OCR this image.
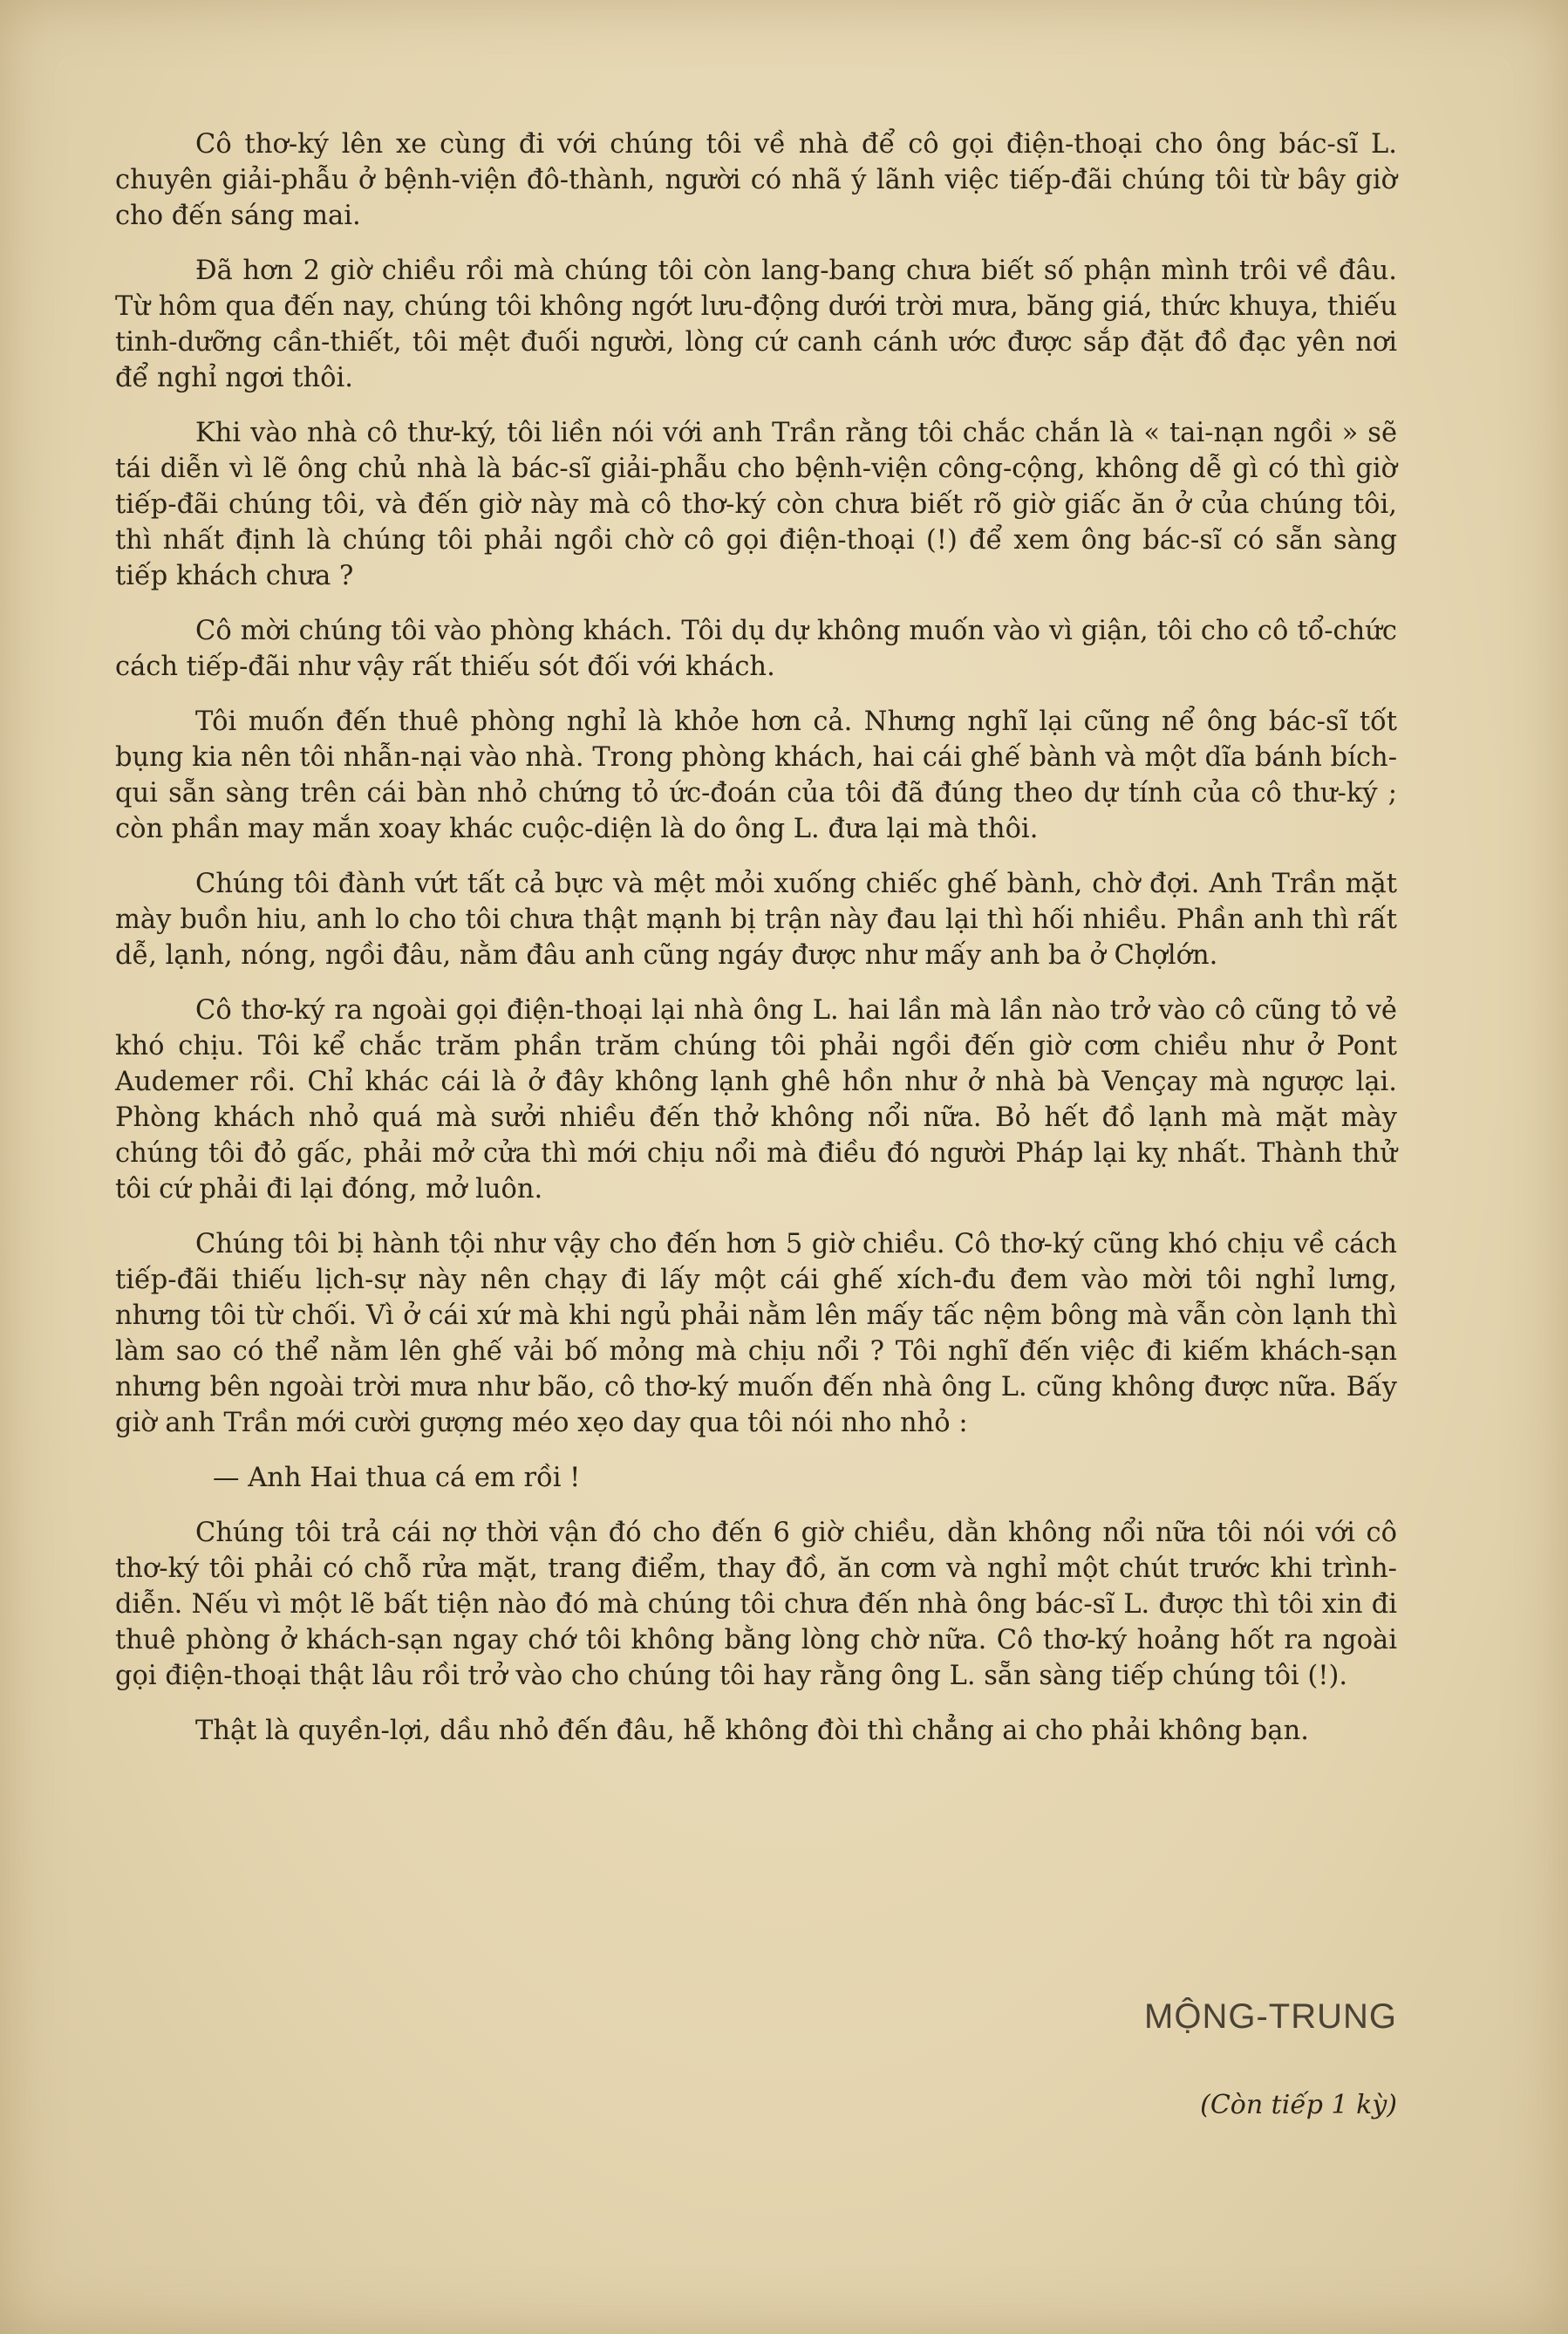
Cô thơ-ký lên xe cùng đi với chúng tôi về nhà để cô gọi điện-thoại cho ông bác-sĩ L. chuyên giải-phẫu ở bệnh-viện đô-thành, người có nhã ý lãnh việc tiếp-đãi chúng tôi từ bây giờ cho đến sáng mai.

Đã hơn 2 giờ chiều rồi mà chúng tôi còn lang-bang chưa biết số phận mình trôi về đâu. Từ hôm qua đến nay, chúng tôi không ngớt lưu-động dưới trời mưa, băng giá, thức khuya, thiếu tinh-dưỡng cần-thiết, tôi mệt đuối người, lòng cứ canh cánh ước được sắp đặt đồ đạc yên nơi để nghỉ ngơi thôi.

Khi vào nhà cô thư-ký, tôi liền nói với anh Trần rằng tôi chắc chắn là « tai-nạn ngồi » sẽ tái diễn vì lẽ ông chủ nhà là bác-sĩ giải-phẫu cho bệnh-viện công-cộng, không dễ gì có thì giờ tiếp-đãi chúng tôi, và đến giờ này mà cô thơ-ký còn chưa biết rõ giờ giấc ăn ở của chúng tôi, thì nhất định là chúng tôi phải ngồi chờ cô gọi điện-thoại (!) để xem ông bác-sĩ có sẵn sàng tiếp khách chưa ?

Cô mời chúng tôi vào phòng khách. Tôi dụ dự không muốn vào vì giận, tôi cho cô tổ-chức cách tiếp-đãi như vậy rất thiếu sót đối với khách.

Tôi muốn đến thuê phòng nghỉ là khỏe hơn cả. Nhưng nghĩ lại cũng nể ông bác-sĩ tốt bụng kia nên tôi nhẫn-nại vào nhà. Trong phòng khách, hai cái ghế bành và một dĩa bánh bích-qui sẵn sàng trên cái bàn nhỏ chứng tỏ ức-đoán của tôi đã đúng theo dự tính của cô thư-ký ; còn phần may mắn xoay khác cuộc-diện là do ông L. đưa lại mà thôi.

Chúng tôi đành vứt tất cả bực và mệt mỏi xuống chiếc ghế bành, chờ đợi. Anh Trần mặt mày buồn hiu, anh lo cho tôi chưa thật mạnh bị trận này đau lại thì hối nhiều. Phần anh thì rất dễ, lạnh, nóng, ngồi đâu, nằm đâu anh cũng ngáy được như mấy anh ba ở Chợlớn.

Cô thơ-ký ra ngoài gọi điện-thoại lại nhà ông L. hai lần mà lần nào trở vào cô cũng tỏ vẻ khó chịu. Tôi kể chắc trăm phần trăm chúng tôi phải ngồi đến giờ cơm chiều như ở Pont Audemer rồi. Chỉ khác cái là ở đây không lạnh ghê hồn như ở nhà bà Vençay mà ngược lại. Phòng khách nhỏ quá mà sưởi nhiều đến thở không nổi nữa. Bỏ hết đồ lạnh mà mặt mày chúng tôi đỏ gấc, phải mở cửa thì mới chịu nổi mà điều đó người Pháp lại kỵ nhất. Thành thử tôi cứ phải đi lại đóng, mở luôn.

Chúng tôi bị hành tội như vậy cho đến hơn 5 giờ chiều. Cô thơ-ký cũng khó chịu về cách tiếp-đãi thiếu lịch-sự này nên chạy đi lấy một cái ghế xích-đu đem vào mời tôi nghỉ lưng, nhưng tôi từ chối. Vì ở cái xứ mà khi ngủ phải nằm lên mấy tấc nệm bông mà vẫn còn lạnh thì làm sao có thể nằm lên ghế vải bố mỏng mà chịu nổi ? Tôi nghĩ đến việc đi kiếm khách-sạn nhưng bên ngoài trời mưa như bão, cô thơ-ký muốn đến nhà ông L. cũng không được nữa. Bấy giờ anh Trần mới cười gượng méo xẹo day qua tôi nói nho nhỏ :

— Anh Hai thua cá em rồi !

Chúng tôi trả cái nợ thời vận đó cho đến 6 giờ chiều, dằn không nổi nữa tôi nói với cô thơ-ký tôi phải có chỗ rửa mặt, trang điểm, thay đồ, ăn cơm và nghỉ một chút trước khi trình-diễn. Nếu vì một lẽ bất tiện nào đó mà chúng tôi chưa đến nhà ông bác-sĩ L. được thì tôi xin đi thuê phòng ở khách-sạn ngay chớ tôi không bằng lòng chờ nữa. Cô thơ-ký hoảng hốt ra ngoài gọi điện-thoại thật lâu rồi trở vào cho chúng tôi hay rằng ông L. sẵn sàng tiếp chúng tôi (!).

Thật là quyền-lợi, dầu nhỏ đến đâu, hễ không đòi thì chẳng ai cho phải không bạn.

MỘNG-TRUNG
(Còn tiếp 1 kỳ)
